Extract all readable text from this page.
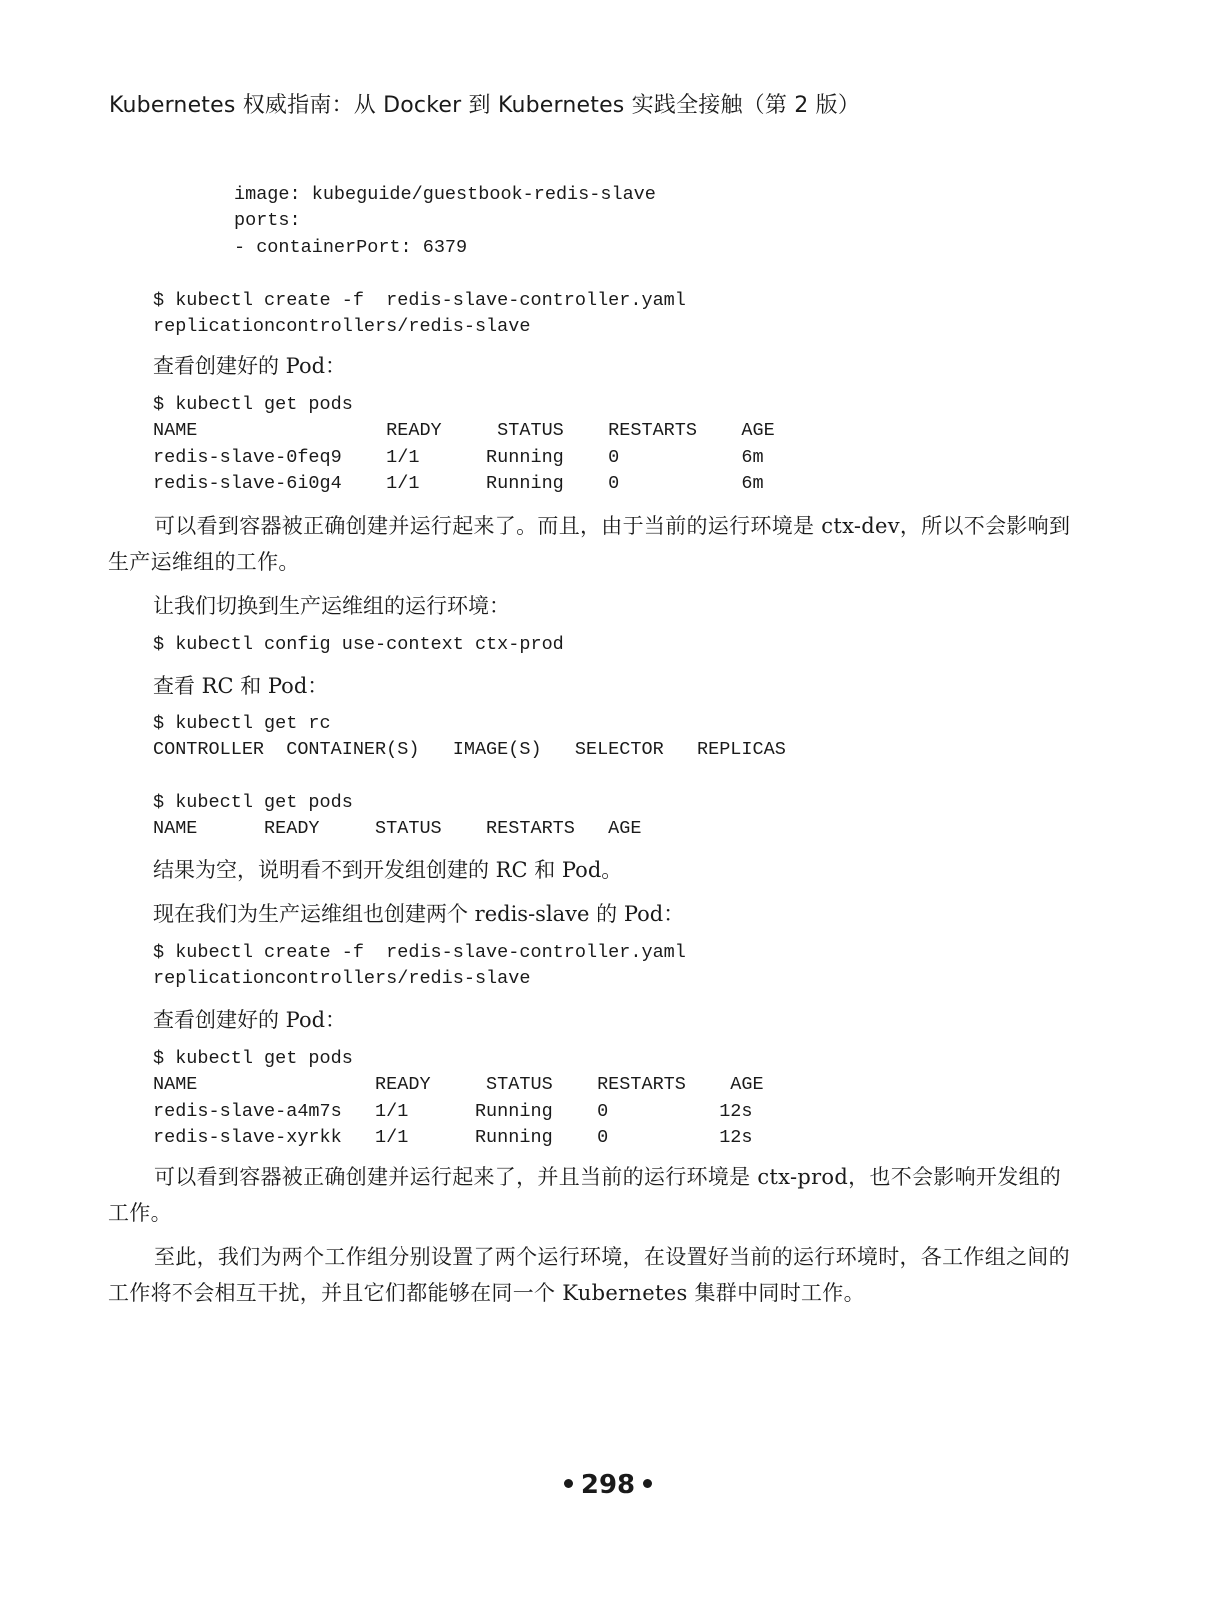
Kubernetes 权威指南：从 Docker 到 Kubernetes 实践全接触（第 2 版）
image: kubeguide/guestbook-redis-slave
ports:
- containerPort: 6379
$ kubectl create -f  redis-slave-controller.yaml
replicationcontrollers/redis-slave
查看创建好的 Pod：
$ kubectl get pods
NAME                 READY     STATUS    RESTARTS    AGE
redis-slave-0feq9    1/1      Running    0           6m
redis-slave-6i0g4    1/1      Running    0           6m

可以看到容器被正确创建并运行起来了。而且，由于当前的运行环境是 ctx-dev，所以不会影响到生产运维组的工作。

让我们切换到生产运维组的运行环境：
$ kubectl config use-context ctx-prod
查看 RC 和 Pod：
$ kubectl get rc
CONTROLLER  CONTAINER(S)   IMAGE(S)   SELECTOR   REPLICAS

$ kubectl get pods
NAME      READY     STATUS    RESTARTS   AGE
结果为空，说明看不到开发组创建的 RC 和 Pod。
现在我们为生产运维组也创建两个 redis-slave 的 Pod：
$ kubectl create -f  redis-slave-controller.yaml
replicationcontrollers/redis-slave
查看创建好的 Pod：
$ kubectl get pods
NAME                READY     STATUS    RESTARTS    AGE
redis-slave-a4m7s   1/1      Running    0          12s
redis-slave-xyrkk   1/1      Running    0          12s

可以看到容器被正确创建并运行起来了，并且当前的运行环境是 ctx-prod，也不会影响开发组的工作。

至此，我们为两个工作组分别设置了两个运行环境，在设置好当前的运行环境时，各工作组之间的工作将不会相互干扰，并且它们都能够在同一个 Kubernetes 集群中同时工作。

298
